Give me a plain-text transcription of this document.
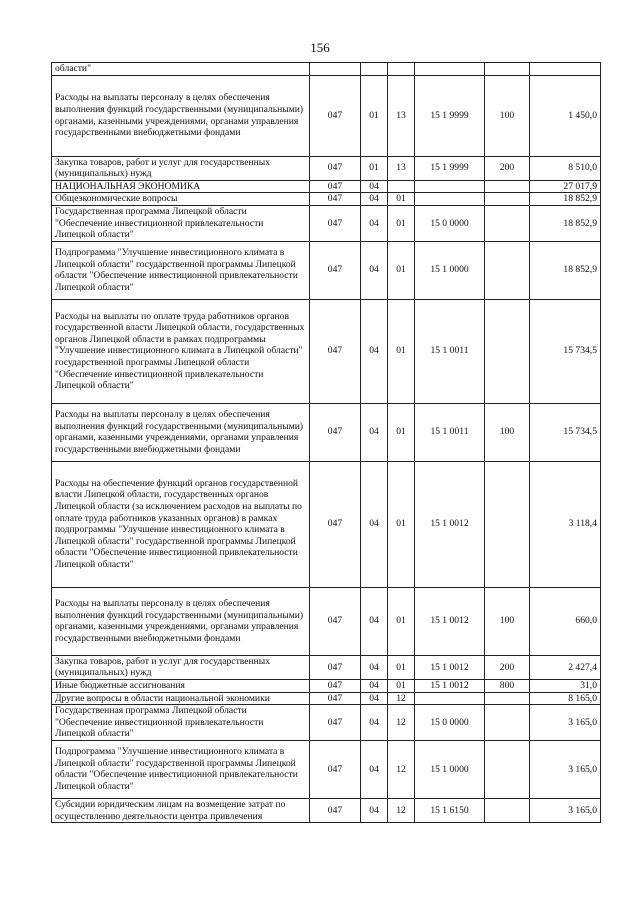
156
области"						
Расходы на выплаты персоналу в целях обеспечения выполнения функций государственными (муниципальными) органами, казенными учреждениями, органами управления государственными внебюджетными фондами	047	01	13	15 1 9999	100	1 450,0
Закупка товаров, работ и услуг для государственных (муниципальных) нужд	047	01	13	15 1 9999	200	8 510,0
НАЦИОНАЛЬНАЯ ЭКОНОМИКА	047	04				27 017,9
Общеэкономические вопросы	047	04	01			18 852,9
Государственная программа Липецкой области "Обеспечение инвестиционной привлекательности Липецкой области"	047	04	01	15 0 0000		18 852,9
Подпрограмма "Улучшение инвестиционного климата в Липецкой области" государственной программы Липецкой области "Обеспечение инвестиционной привлекательности Липецкой области"	047	04	01	15 1 0000		18 852,9
Расходы на выплаты по оплате труда работников органов государственной власти Липецкой области, государственных органов Липецкой области в рамках подпрограммы "Улучшение инвестиционного климата в Липецкой области" государственной программы Липецкой области "Обеспечение инвестиционной привлекательности Липецкой области"	047	04	01	15 1 0011		15 734,5
Расходы на выплаты персоналу в целях обеспечения выполнения функций государственными (муниципальными) органами, казенными учреждениями, органами управления государственными внебюджетными фондами	047	04	01	15 1 0011	100	15 734,5
Расходы на обеспечение функций органов государственной власти Липецкой области, государственных органов Липецкой области (за исключением расходов на выплаты по оплате труда работников указанных органов) в рамках подпрограммы "Улучшение инвестиционного климата в Липецкой области" государственной программы Липецкой области "Обеспечение инвестиционной привлекательности Липецкой области"	047	04	01	15 1 0012		3 118,4
Расходы на выплаты персоналу в целях обеспечения выполнения функций государственными (муниципальными) органами, казенными учреждениями, органами управления государственными внебюджетными фондами	047	04	01	15 1 0012	100	660,0
Закупка товаров, работ и услуг для государственных (муниципальных) нужд	047	04	01	15 1 0012	200	2 427,4
Иные бюджетные ассигнования	047	04	01	15 1 0012	800	31,0
Другие вопросы в области национальной экономики	047	04	12			8 165,0
Государственная программа Липецкой области "Обеспечение инвестиционной привлекательности Липецкой области"	047	04	12	15 0 0000		3 165,0
Подпрограмма "Улучшение инвестиционного климата в Липецкой области" государственной программы Липецкой области "Обеспечение инвестиционной привлекательности Липецкой области"	047	04	12	15 1 0000		3 165,0
Субсидии юридическим лицам на возмещение затрат по осуществлению деятельности центра привлечения	047	04	12	15 1 6150		3 165,0
